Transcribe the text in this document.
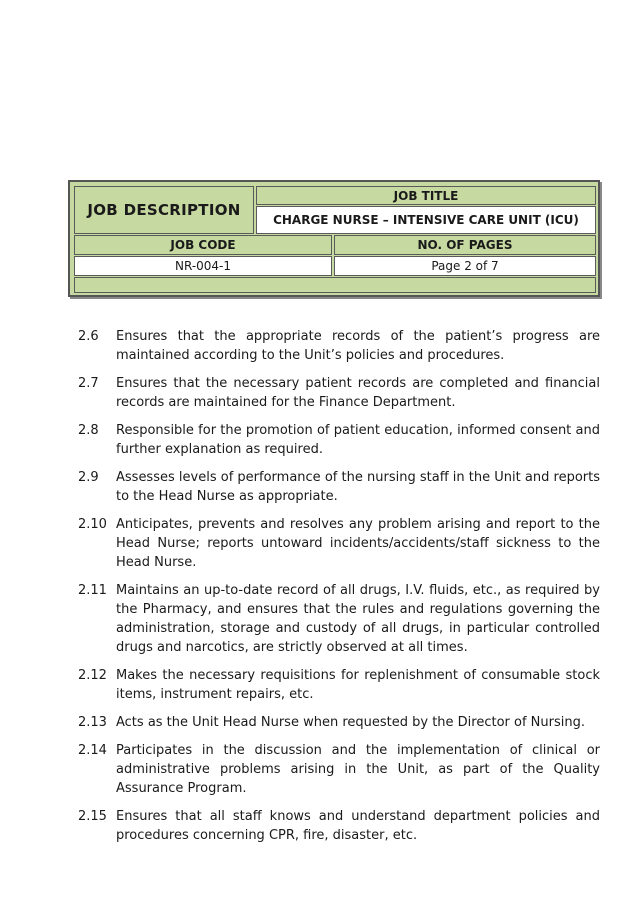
JOB DESCRIPTION
JOB TITLE
CHARGE NURSE – INTENSIVE CARE UNIT (ICU)
JOB CODE	NO. OF PAGES
NR-004-1	Page 2 of 7
2.6	Ensures that the appropriate records of the patient’s progress are maintained according to the Unit’s policies and procedures.
2.7	Ensures that the necessary patient records are completed and financial records are maintained for the Finance Department.
2.8	Responsible for the promotion of patient education, informed consent and further explanation as required.
2.9	Assesses levels of performance of the nursing staff in the Unit and reports to the Head Nurse as appropriate.
2.10 Anticipates, prevents and resolves any problem arising and report to the Head Nurse; reports untoward incidents/accidents/staff sickness to the Head Nurse.
2.11 Maintains an up-to-date record of all drugs, I.V. fluids, etc., as required by the Pharmacy, and ensures that the rules and regulations governing the administration, storage and custody of all drugs, in particular controlled drugs and narcotics, are strictly observed at all times.
2.12 Makes the necessary requisitions for replenishment of consumable stock items, instrument repairs, etc.
2.13 Acts as the Unit Head Nurse when requested by the Director of Nursing.
2.14 Participates in the discussion and the implementation of clinical or administrative problems arising in the Unit, as part of the Quality Assurance Program.
2.15 Ensures that all staff knows and understand department policies and procedures concerning CPR, fire, disaster, etc.
